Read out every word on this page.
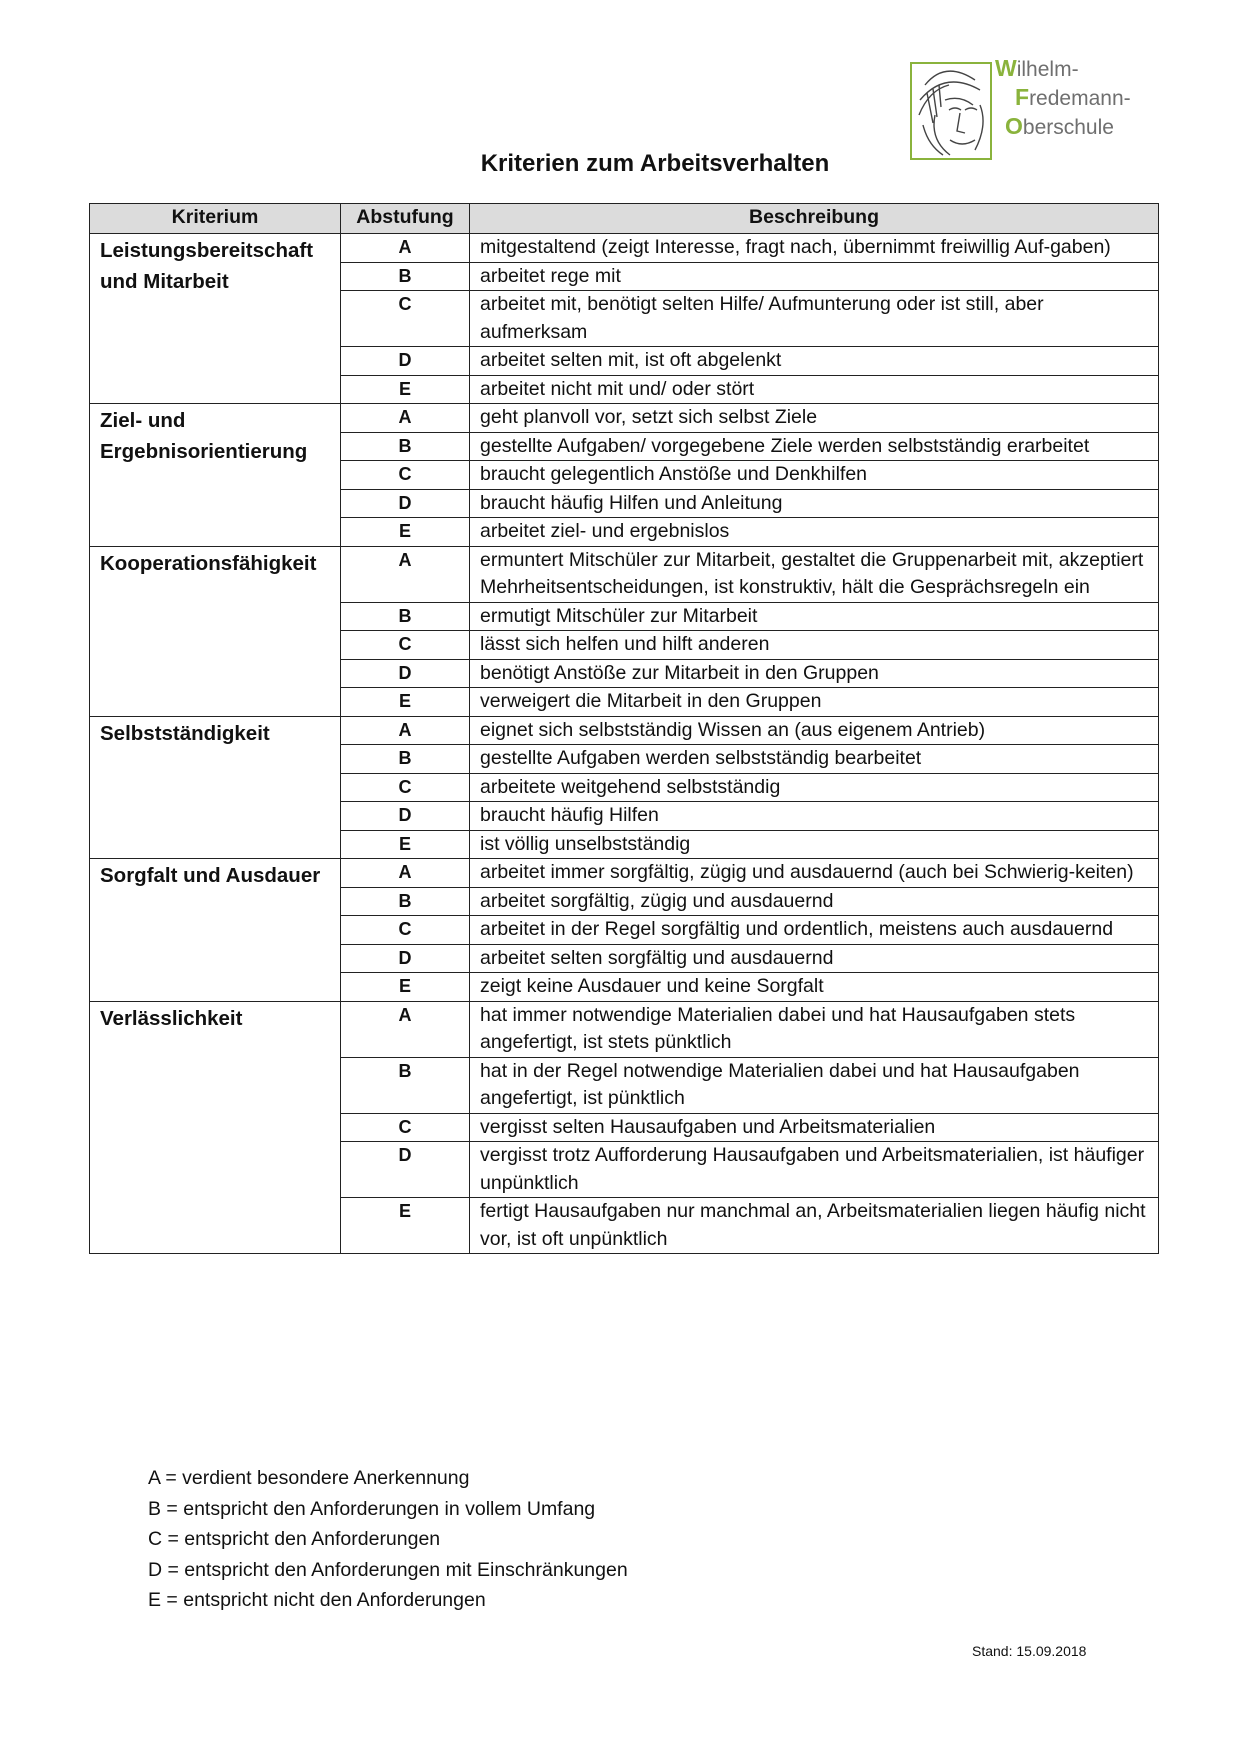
Wilhelm-
Fredemann-
Oberschule
Kriterien zum Arbeitsverhalten
Kriterium	Abstufung	Beschreibung
Leistungsbereitschaft und Mitarbeit	A	mitgestaltend (zeigt Interesse, fragt nach, übernimmt freiwillig Auf-gaben)
	B	arbeitet rege mit
	C	arbeitet mit, benötigt selten Hilfe/ Aufmunterung oder ist still, aber aufmerksam
	D	arbeitet selten mit, ist oft abgelenkt
	E	arbeitet nicht mit und/ oder stört
Ziel- und Ergebnisorientierung	A	geht planvoll vor, setzt sich selbst Ziele
	B	gestellte Aufgaben/ vorgegebene Ziele werden selbstständig erarbeitet
	C	braucht gelegentlich Anstöße und Denkhilfen
	D	braucht häufig Hilfen und Anleitung
	E	arbeitet ziel- und ergebnislos
Kooperationsfähigkeit	A	ermuntert Mitschüler zur Mitarbeit, gestaltet die Gruppenarbeit mit, akzeptiert Mehrheitsentscheidungen, ist konstruktiv, hält die Gesprächsregeln ein
	B	ermutigt Mitschüler zur Mitarbeit
	C	lässt sich helfen und hilft anderen
	D	benötigt Anstöße zur Mitarbeit in den Gruppen
	E	verweigert die Mitarbeit in den Gruppen
Selbstständigkeit	A	eignet sich selbstständig Wissen an (aus eigenem Antrieb)
	B	gestellte Aufgaben werden selbstständig bearbeitet
	C	arbeitete weitgehend selbstständig
	D	braucht häufig Hilfen
	E	ist völlig unselbstständig
Sorgfalt und Ausdauer	A	arbeitet immer sorgfältig, zügig und ausdauernd (auch bei Schwierig-keiten)
	B	arbeitet sorgfältig, zügig und ausdauernd
	C	arbeitet in der Regel sorgfältig und ordentlich, meistens auch ausdauernd
	D	arbeitet selten sorgfältig und ausdauernd
	E	zeigt keine Ausdauer und keine Sorgfalt
Verlässlichkeit	A	hat immer notwendige Materialien dabei und hat Hausaufgaben stets angefertigt, ist stets pünktlich
	B	hat in der Regel notwendige Materialien dabei und hat Hausaufgaben angefertigt, ist pünktlich
	C	vergisst selten Hausaufgaben und Arbeitsmaterialien
	D	vergisst trotz Aufforderung Hausaufgaben und Arbeitsmaterialien, ist häufiger unpünktlich
	E	fertigt Hausaufgaben nur manchmal an, Arbeitsmaterialien liegen häufig nicht vor, ist oft unpünktlich
A = verdient besondere Anerkennung
B = entspricht den Anforderungen in vollem Umfang
C = entspricht den Anforderungen
D = entspricht den Anforderungen mit Einschränkungen
E = entspricht nicht den Anforderungen
Stand: 15.09.2018
